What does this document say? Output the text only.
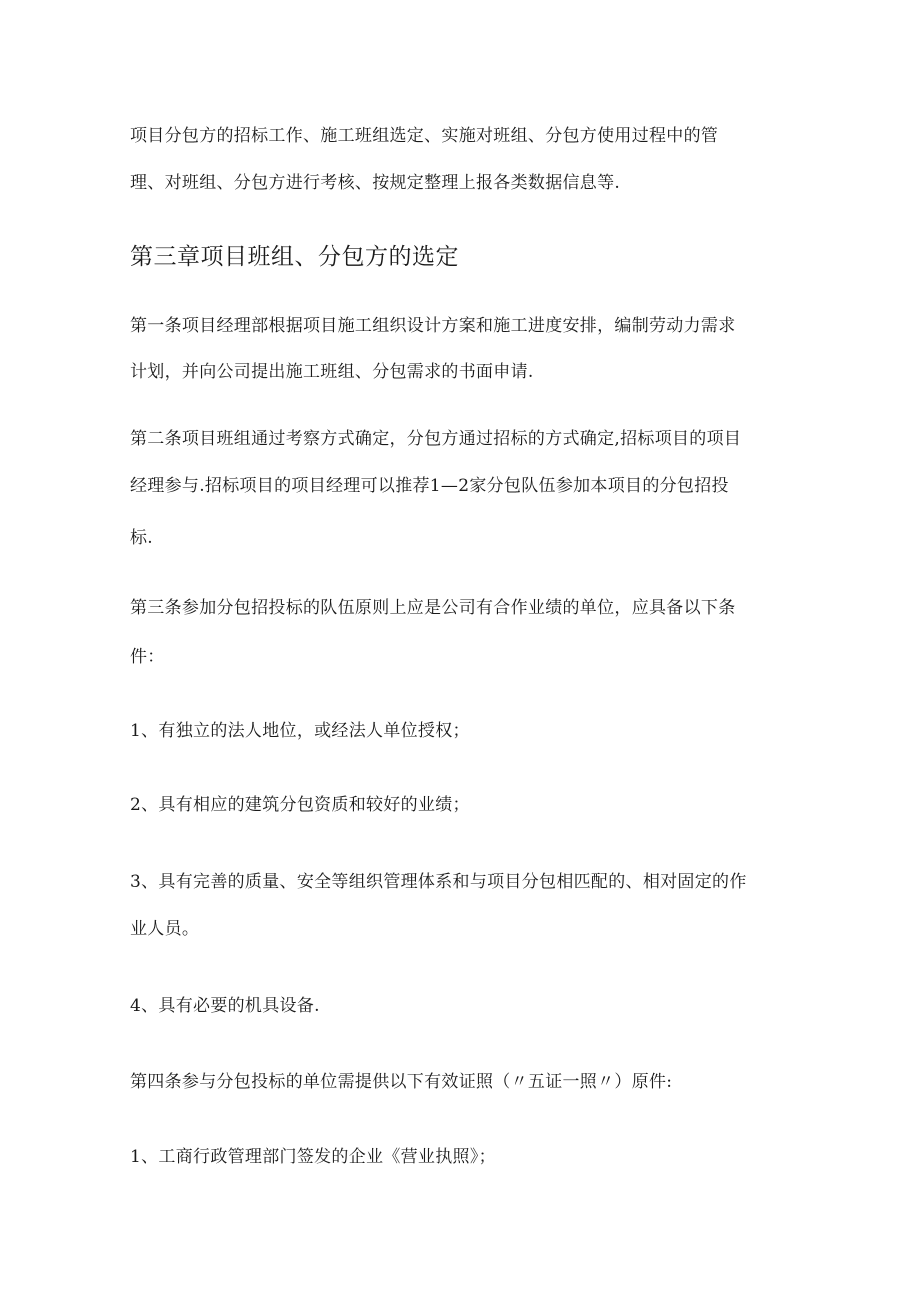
项目分包方的招标工作、施工班组选定、实施对班组、分包方使用过程中的管
理、对班组、分包方进行考核、按规定整理上报各类数据信息等.
第三章项目班组、分包方的选定
第一条项目经理部根据项目施工组织设计方案和施工进度安排，编制劳动力需求
计划，并向公司提出施工班组、分包需求的书面申请.
第二条项目班组通过考察方式确定，分包方通过招标的方式确定,招标项目的项目
经理参与.招标项目的项目经理可以推荐1—2家分包队伍参加本项目的分包招投
标.
第三条参加分包招投标的队伍原则上应是公司有合作业绩的单位，应具备以下条
件：
1、有独立的法人地位，或经法人单位授权；
2、具有相应的建筑分包资质和较好的业绩；
3、具有完善的质量、安全等组织管理体系和与项目分包相匹配的、相对固定的作
业人员。
4、具有必要的机具设备.
第四条参与分包投标的单位需提供以下有效证照（〃五证一照〃）原件:
1、工商行政管理部门签发的企业《营业执照》；
